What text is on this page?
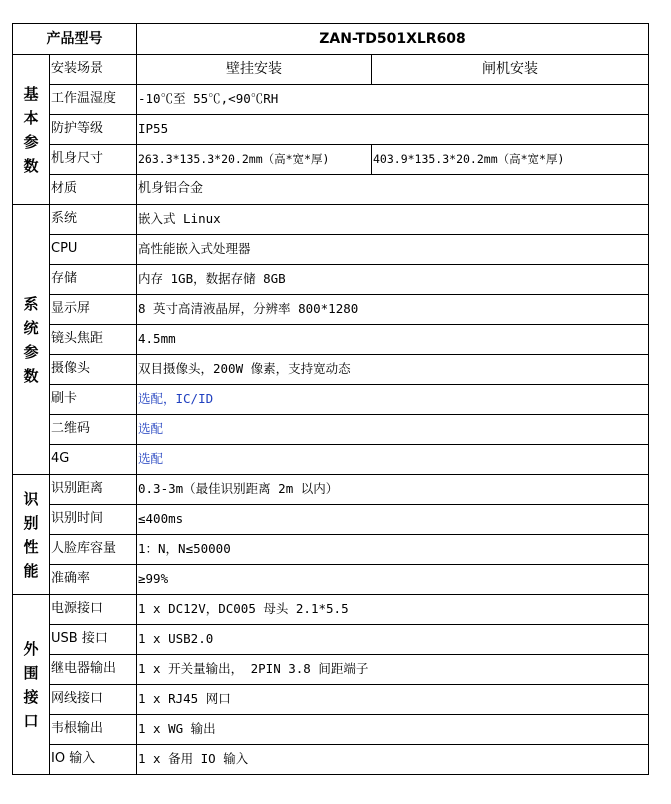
产品型号		ZAN-TD501XLR608	

基
本
参
数	安装场景	壁挂安装	闸机安装
	工作温湿度	-10℃至 55℃,<90℃RH	
	防护等级	IP55	
	机身尺寸	263.3*135.3*20.2mm（高*宽*厚)	403.9*135.3*20.2mm（高*宽*厚)
	材质	机身铝合金	

系
统
参
数	系统	嵌入式 Linux	
	CPU	高性能嵌入式处理器	
	存储	内存 1GB，数据存储 8GB	
	显示屏	8 英寸高清液晶屏，分辨率 800*1280	
	镜头焦距	4.5mm	
	摄像头	双目摄像头，200W 像素，支持宽动态	
	刷卡	选配，IC/ID	
	二维码	选配	
	4G	选配	

识
别
性
能	识别距离	0.3-3m（最佳识别距离 2m 以内）	
	识别时间	≤400ms	
	人脸库容量	1：N，N≤50000	
	准确率	≥99%	

外
围
接
口	电源接口	1 x DC12V，DC005 母头 2.1*5.5	
	USB 接口	1 x USB2.0	
	继电器输出	1 x 开关量输出， 2PIN 3.8 间距端子	
	网线接口	1 x RJ45 网口	
	韦根输出	1 x WG 输出	
	IO 输入	1 x 备用 IO 输入	
